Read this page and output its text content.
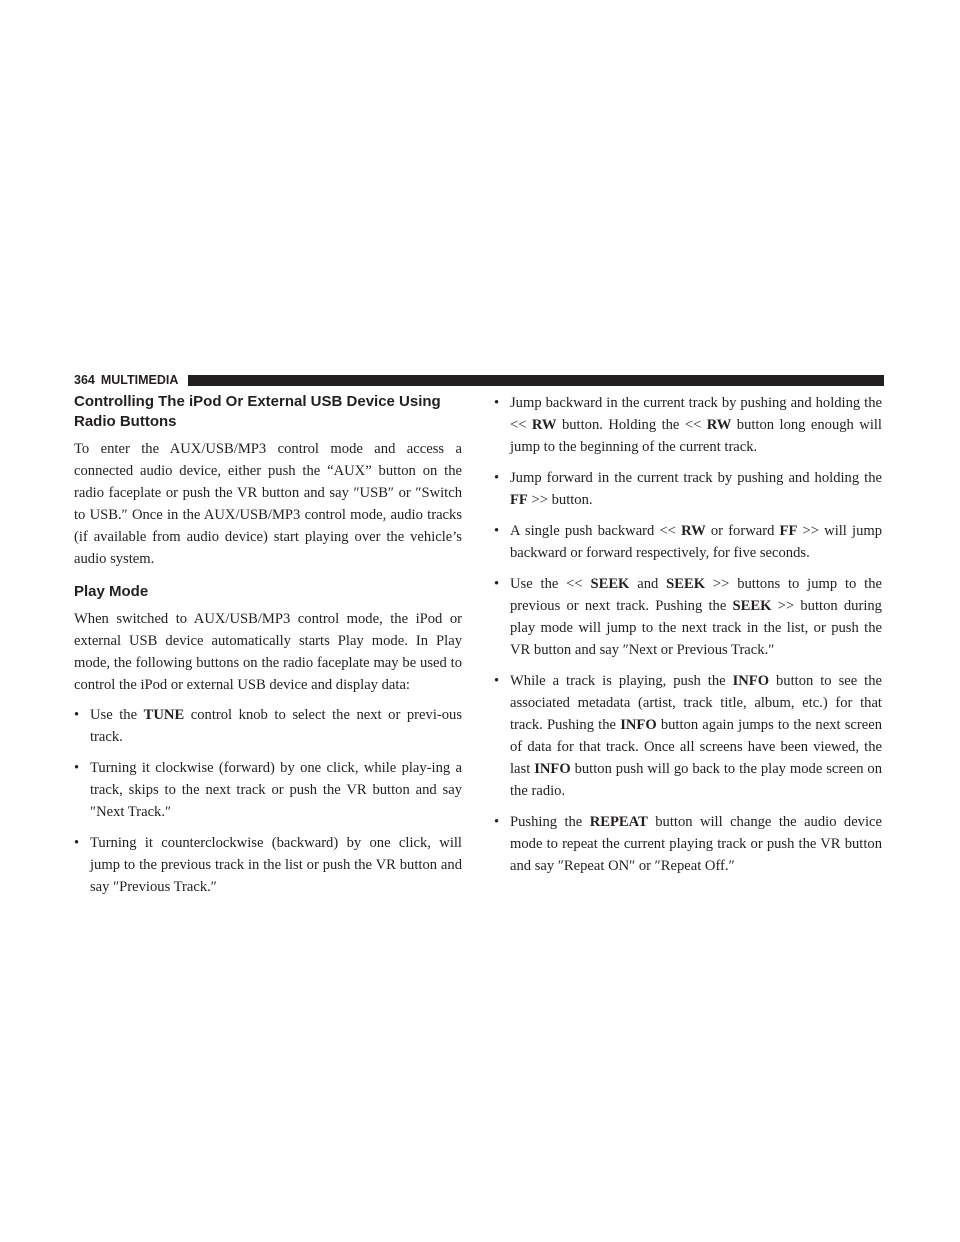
364 MULTIMEDIA
Controlling The iPod Or External USB Device Using Radio Buttons

To enter the AUX/USB/MP3 control mode and access a connected audio device, either push the “AUX” button on the radio faceplate or push the VR button and say ″USB″ or ″Switch to USB.″ Once in the AUX/USB/MP3 control mode, audio tracks (if available from audio device) start playing over the vehicle’s audio system.

Play Mode

When switched to AUX/USB/MP3 control mode, the iPod or external USB device automatically starts Play mode. In Play mode, the following buttons on the radio faceplate may be used to control the iPod or external USB device and display data:

• Use the TUNE control knob to select the next or previ-ous track.
• Turning it clockwise (forward) by one click, while play-ing a track, skips to the next track or push the VR button and say ″Next Track.″
• Turning it counterclockwise (backward) by one click, will jump to the previous track in the list or push the VR button and say ″Previous Track.″
• Jump backward in the current track by pushing and holding the << RW button. Holding the << RW button long enough will jump to the beginning of the current track.
• Jump forward in the current track by pushing and holding the FF >> button.
• A single push backward << RW or forward FF >> will jump backward or forward respectively, for five seconds.
• Use the << SEEK and SEEK >> buttons to jump to the previous or next track. Pushing the SEEK >> button during play mode will jump to the next track in the list, or push the VR button and say ″Next or Previous Track.″
• While a track is playing, push the INFO button to see the associated metadata (artist, track title, album, etc.) for that track. Pushing the INFO button again jumps to the next screen of data for that track. Once all screens have been viewed, the last INFO button push will go back to the play mode screen on the radio.
• Pushing the REPEAT button will change the audio device mode to repeat the current playing track or push the VR button and say ″Repeat ON″ or ″Repeat Off.″
